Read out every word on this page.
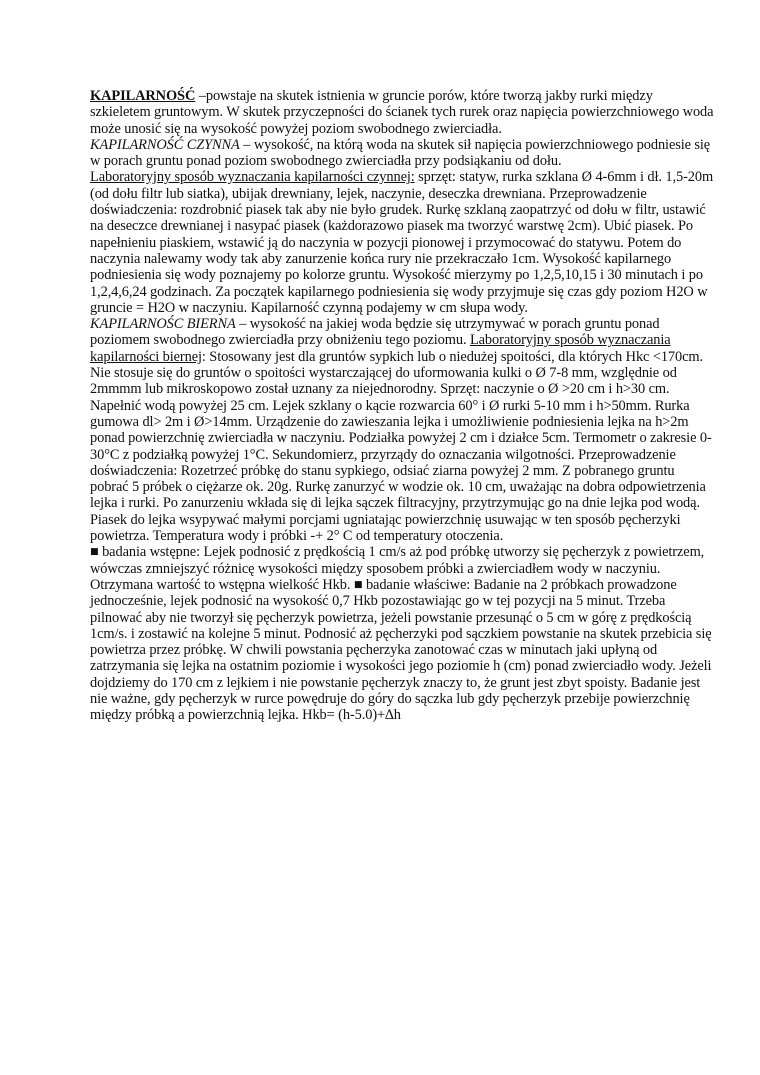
KAPILARNOŚĆ –powstaje na skutek istnienia w gruncie porów, które tworzą jakby rurki między szkieletem gruntowym. W skutek przyczepności do ścianek tych rurek oraz napięcia powierzchniowego woda może unosić się na wysokość powyżej poziom swobodnego zwierciadła.

KAPILARNOŚĆ CZYNNA – wysokość, na którą woda na skutek sił napięcia powierzchniowego podniesie się w porach gruntu ponad poziom swobodnego zwierciadła przy podsiąkaniu od dołu.

Laboratoryjny sposób wyznaczania kapilarności czynnej: sprzęt: statyw, rurka szklana Ø 4-6mm i dł. 1,5-20m (od dołu filtr lub siatka), ubijak drewniany, lejek, naczynie, deseczka drewniana. Przeprowadzenie doświadczenia: rozdrobnić piasek tak aby nie było grudek. Rurkę szklaną zaopatrzyć od dołu w filtr, ustawić na deseczce drewnianej i nasypać piasek (każdorazowo piasek ma tworzyć warstwę 2cm). Ubić piasek. Po napełnieniu piaskiem, wstawić ją do naczynia w pozycji pionowej i przymocować do statywu. Potem do naczynia nalewamy wody tak aby zanurzenie końca rury nie przekraczało 1cm. Wysokość kapilarnego podniesienia się wody poznajemy po kolorze gruntu. Wysokość mierzymy po 1,2,5,10,15 i 30 minutach i po 1,2,4,6,24 godzinach. Za początek kapilarnego podniesienia się wody przyjmuje się czas gdy poziom H2O w gruncie = H2O w naczyniu. Kapilarność czynną podajemy w cm słupa wody.

KAPILARNOŚC BIERNA – wysokość na jakiej woda będzie się utrzymywać w porach gruntu ponad poziomem swobodnego zwierciadła przy obniżeniu tego poziomu. Laboratoryjny sposób wyznaczania kapilarności biernej: Stosowany jest dla gruntów sypkich lub o niedużej spoitości, dla których Hkc <170cm. Nie stosuje się do gruntów o spoitości wystarczającej do uformowania kulki o Ø 7-8 mm, względnie od 2mmmm lub mikroskopowo został uznany za niejednorodny. Sprzęt: naczynie o Ø >20 cm i h>30 cm. Napełnić wodą powyżej 25 cm. Lejek szklany o kącie rozwarcia 60° i Ø rurki 5-10 mm i h>50mm. Rurka gumowa dl> 2m i Ø>14mm. Urządzenie do zawieszania lejka i umożliwienie podniesienia lejka na h>2m ponad powierzchnię zwierciadła w naczyniu. Podziałka powyżej 2 cm i działce 5cm. Termometr o zakresie 0-30°C z podziałką powyżej 1°C. Sekundomierz, przyrządy do oznaczania wilgotności. Przeprowadzenie doświadczenia: Rozetrzeć próbkę do stanu sypkiego, odsiać ziarna powyżej 2 mm. Z pobranego gruntu pobrać 5 próbek o ciężarze ok. 20g. Rurkę zanurzyć w wodzie ok. 10 cm, uważając na dobra odpowietrzenia lejka i rurki. Po zanurzeniu wkłada się di lejka sączek filtracyjny, przytrzymując go na dnie lejka pod wodą. Piasek do lejka wsypywać małymi porcjami ugniatając powierzchnię usuwając w ten sposób pęcherzyki powietrza. Temperatura wody i próbki -+ 2° C od temperatury otoczenia.

■ badania wstępne: Lejek podnosić z prędkością 1 cm/s aż pod próbkę utworzy się pęcherzyk z powietrzem, wówczas zmniejszyć różnicę wysokości między sposobem próbki a zwierciadłem wody w naczyniu. Otrzymana wartość to wstępna wielkość Hkb. ■ badanie właściwe: Badanie na 2 próbkach prowadzone jednocześnie, lejek podnosić na wysokość 0,7 Hkb pozostawiając go w tej pozycji na 5 minut. Trzeba pilnować aby nie tworzył się pęcherzyk powietrza, jeżeli powstanie przesunąć o 5 cm w górę z prędkością 1cm/s. i zostawić na kolejne 5 minut. Podnosić aż pęcherzyki pod sączkiem powstanie na skutek przebicia się powietrza przez próbkę. W chwili powstania pęcherzyka zanotować czas w minutach jaki upłyną od zatrzymania się lejka na ostatnim poziomie i wysokości jego poziomie h (cm) ponad zwierciadło wody. Jeżeli dojdziemy do 170 cm z lejkiem i nie powstanie pęcherzyk znaczy to, że grunt jest zbyt spoisty. Badanie jest nie ważne, gdy pęcherzyk w rurce powędruje do góry do sączka lub gdy pęcherzyk przebije powierzchnię między próbką a powierzchnią lejka. Hkb= (h-5.0)+∆h
